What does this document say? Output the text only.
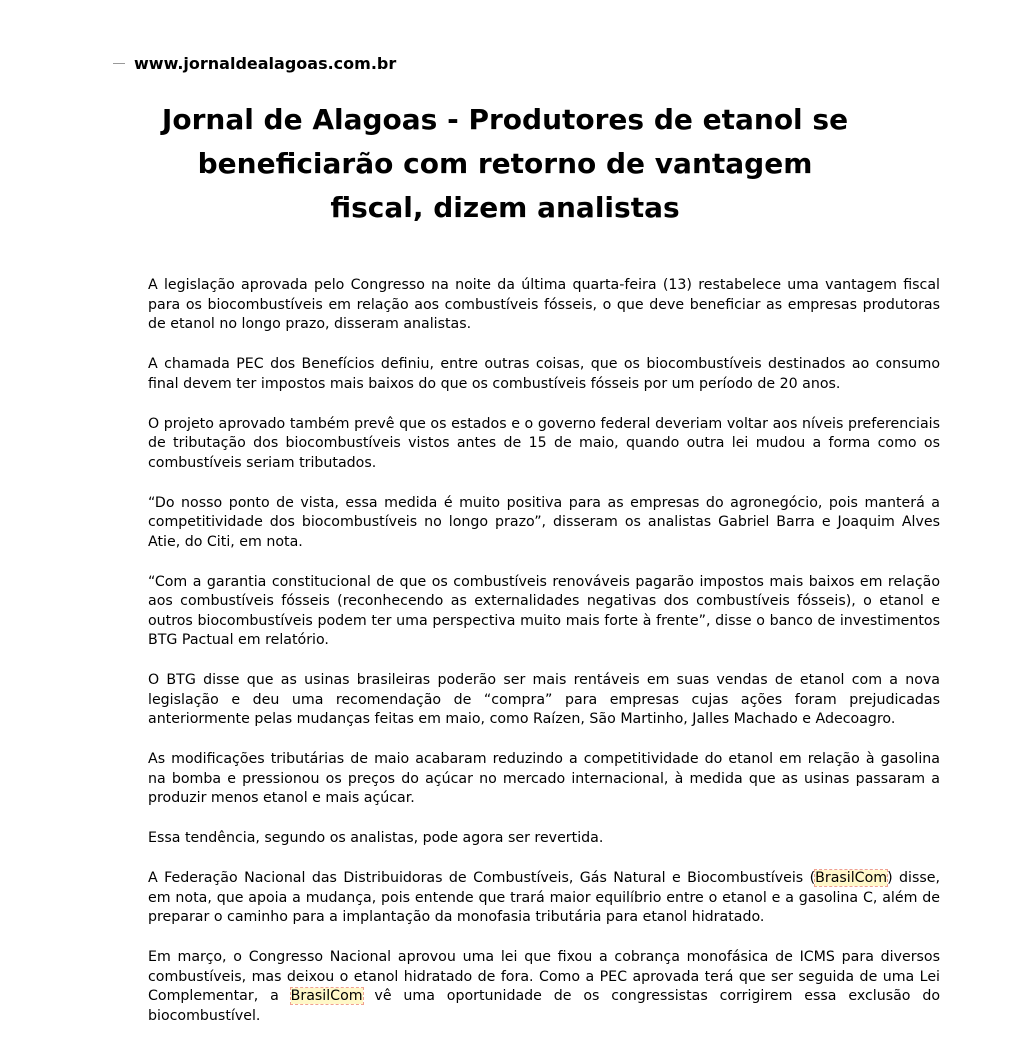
www.jornaldealagoas.com.br
Jornal de Alagoas - Produtores de etanol se beneficiarão com retorno de vantagem fiscal, dizem analistas

A legislação aprovada pelo Congresso na noite da última quarta-feira (13) restabelece uma vantagem fiscal para os biocombustíveis em relação aos combustíveis fósseis, o que deve beneficiar as empresas produtoras de etanol no longo prazo, disseram analistas.

A chamada PEC dos Benefícios definiu, entre outras coisas, que os biocombustíveis destinados ao consumo final devem ter impostos mais baixos do que os combustíveis fósseis por um período de 20 anos.

O projeto aprovado também prevê que os estados e o governo federal deveriam voltar aos níveis preferenciais de tributação dos biocombustíveis vistos antes de 15 de maio, quando outra lei mudou a forma como os combustíveis seriam tributados.

“Do nosso ponto de vista, essa medida é muito positiva para as empresas do agronegócio, pois manterá a competitividade dos biocombustíveis no longo prazo”, disseram os analistas Gabriel Barra e Joaquim Alves Atie, do Citi, em nota.

“Com a garantia constitucional de que os combustíveis renováveis pagarão impostos mais baixos em relação aos combustíveis fósseis (reconhecendo as externalidades negativas dos combustíveis fósseis), o etanol e outros biocombustíveis podem ter uma perspectiva muito mais forte à frente”, disse o banco de investimentos BTG Pactual em relatório.

O BTG disse que as usinas brasileiras poderão ser mais rentáveis em suas vendas de etanol com a nova legislação e deu uma recomendação de “compra” para empresas cujas ações foram prejudicadas anteriormente pelas mudanças feitas em maio, como Raízen, São Martinho, Jalles Machado e Adecoagro.

As modificações tributárias de maio acabaram reduzindo a competitividade do etanol em relação à gasolina na bomba e pressionou os preços do açúcar no mercado internacional, à medida que as usinas passaram a produzir menos etanol e mais açúcar.

Essa tendência, segundo os analistas, pode agora ser revertida.

A Federação Nacional das Distribuidoras de Combustíveis, Gás Natural e Biocombustíveis (BrasilCom) disse, em nota, que apoia a mudança, pois entende que trará maior equilíbrio entre o etanol e a gasolina C, além de preparar o caminho para a implantação da monofasia tributária para etanol hidratado.

Em março, o Congresso Nacional aprovou uma lei que fixou a cobrança monofásica de ICMS para diversos combustíveis, mas deixou o etanol hidratado de fora. Como a PEC aprovada terá que ser seguida de uma Lei Complementar, a BrasilCom vê uma oportunidade de os congressistas corrigirem essa exclusão do biocombustível.
